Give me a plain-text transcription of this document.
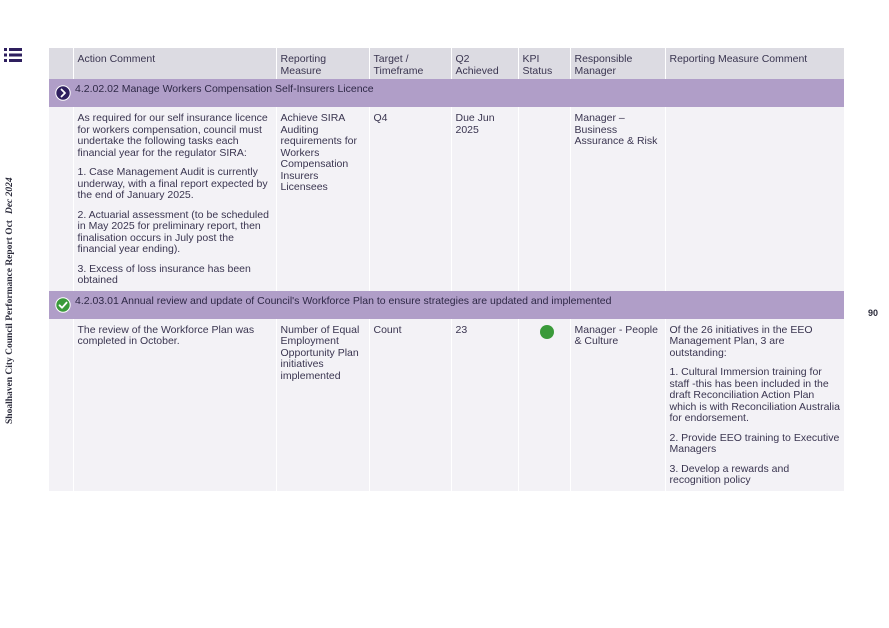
Shoalhaven City Council Performance Report OctDec 2024
90
	Action Comment	Reporting Measure	Target / Timeframe	Q2 Achieved	KPI Status	Responsible Manager	Reporting Measure Comment

4.2.02.02 Manage Workers Compensation Self-Insurers Licence							

	As required for our self insurance licence for workers compensation, council must undertake the following tasks each financial year for the regulator SIRA:

1. Case Management Audit is currently underway, with a final report expected by the end of January 2025.

2. Actuarial assessment (to be scheduled in May 2025 for preliminary report, then finalisation occurs in July post the financial year ending).

3. Excess of loss insurance has been obtained	Achieve SIRA Auditing requirements for Workers Compensation Insurers Licensees	Q4	Due Jun 2025		Manager – Business Assurance & Risk	

4.2.03.01 Annual review and update of Council's Workforce Plan to ensure strategies are updated and implemented							

	The review of the Workforce Plan was completed in October.	Number of Equal Employment Opportunity Plan initiatives implemented	Count	23		Manager - People & Culture	Of the 26 initiatives in the EEO Management Plan, 3 are outstanding:

1. Cultural Immersion training for staff -this has been included in the draft Reconciliation Action Plan which is with Reconciliation Australia for endorsement.

2. Provide EEO training to Executive Managers

3. Develop a rewards and recognition policy
